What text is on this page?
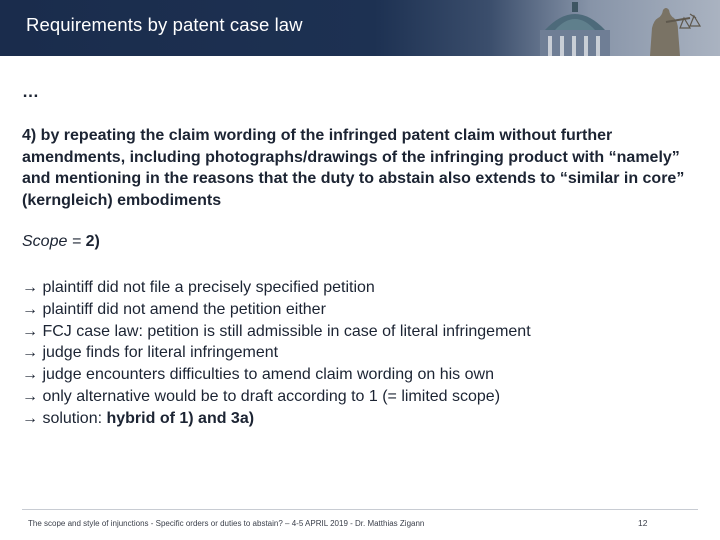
Requirements by patent case law
…
4) by repeating the claim wording of the infringed patent claim without further amendments, including photographs/drawings of the infringing product with “namely” and mentioning in the reasons that the duty to abstain also extends to “similar in core” (kerngleich) embodiments
Scope = 2)
→ plaintiff did not file a precisely specified petition
→ plaintiff did not amend the petition either
→ FCJ case law: petition is still admissible in case of literal infringement
→ judge finds for literal infringement
→ judge encounters difficulties to amend claim wording on his own
→ only alternative would be to draft according to 1 (= limited scope)
→ solution: hybrid of 1) and 3a)
The scope and style of injunctions - Specific orders or duties to abstain? – 4-5 APRIL 2019 - Dr. Matthias Zigann	12
